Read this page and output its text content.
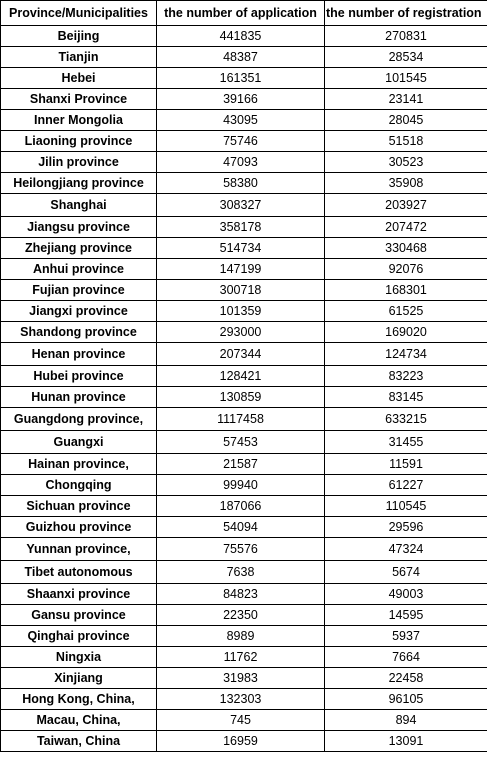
Province/Municipalities	the number of application	the number of registration
Beijing	441835	270831
Tianjin	48387	28534
Hebei	161351	101545
Shanxi Province	39166	23141
Inner Mongolia	43095	28045
Liaoning province	75746	51518
Jilin province	47093	30523
Heilongjiang province	58380	35908
Shanghai	308327	203927
Jiangsu province	358178	207472
Zhejiang province	514734	330468
Anhui province	147199	92076
Fujian province	300718	168301
Jiangxi province	101359	61525
Shandong province	293000	169020
Henan province	207344	124734
Hubei province	128421	83223
Hunan province	130859	83145
Guangdong province,	1117458	633215
Guangxi	57453	31455
Hainan province,	21587	11591
Chongqing	99940	61227
Sichuan province	187066	110545
Guizhou province	54094	29596
Yunnan province,	75576	47324
Tibet autonomous	7638	5674
Shaanxi province	84823	49003
Gansu province	22350	14595
Qinghai province	8989	5937
Ningxia	11762	7664
Xinjiang	31983	22458
Hong Kong, China,	132303	96105
Macau, China,	745	894
Taiwan, China	16959	13091
